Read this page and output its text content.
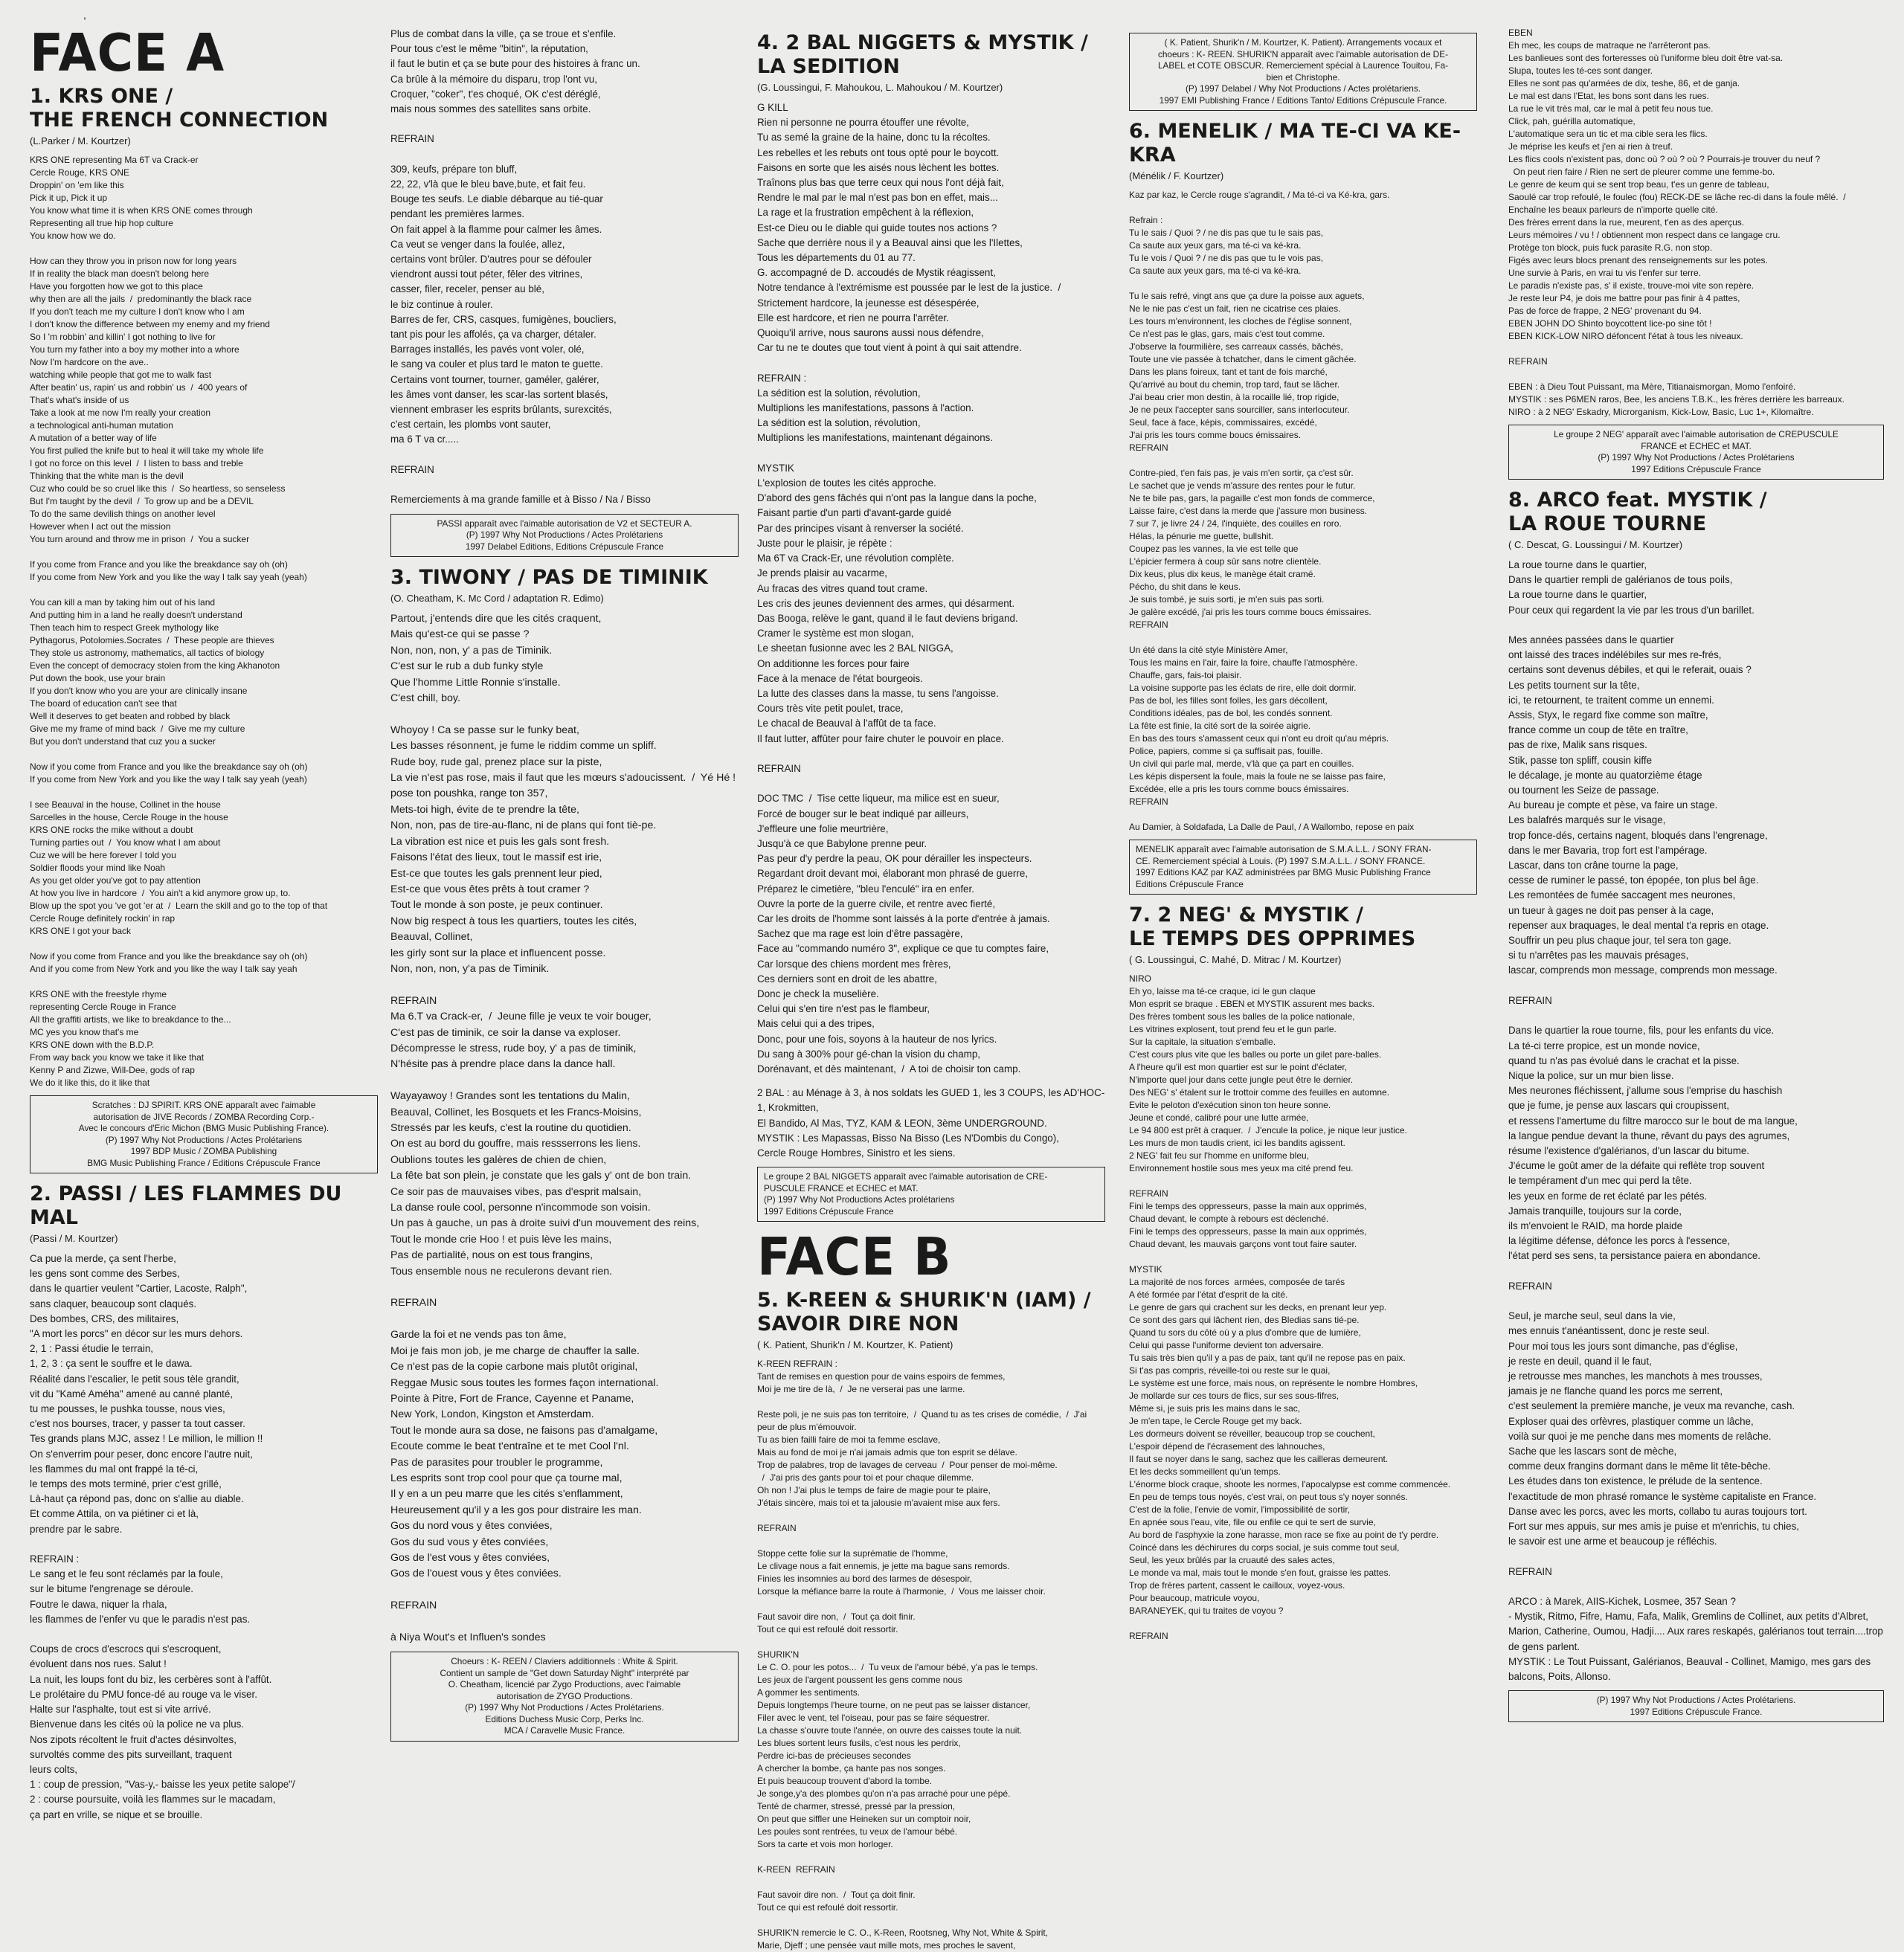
,
FACE A
1. KRS ONE /
THE FRENCH CONNECTION
(L.Parker / M. Kourtzer)
KRS ONE representing Ma 6T va Crack-er
Cercle Rouge, KRS ONE
Droppin' on 'em like this
Pick it up, Pick it up
You know what time it is when KRS ONE comes through
Representing all true hip hop culture
You know how we do.

How can they throw you in prison now for long years
If in reality the black man doesn't belong here
Have you forgotten how we got to this place
why then are all the jails  /  predominantly the black race
If you don't teach me my culture I don't know who I am
I don't know the difference between my enemy and my friend
So I 'm robbin' and killin' I got nothing to live for
You turn my father into a boy my mother into a whore
Now I'm hardcore on the ave..
watching while people that got me to walk fast
After beatin' us, rapin' us and robbin' us  /  400 years of
That's what's inside of us
Take a look at me now I'm really your creation
a technological anti-human mutation
A mutation of a better way of life
You first pulled the knife but to heal it will take my whole life
I got no force on this level  /  I listen to bass and treble
Thinking that the white man is the devil
Cuz who could be so cruel like this  /  So heartless, so senseless
But I'm taught by the devil  /  To grow up and be a DEVIL
To do the same devilish things on another level
However when I act out the mission
You turn around and throw me in prison  /  You a sucker

If you come from France and you like the breakdance say oh (oh)
If you come from New York and you like the way I talk say yeah (yeah)

You can kill a man by taking him out of his land
And putting him in a land he really doesn't understand
Then teach him to respect Greek mythology like
Pythagorus, Potolomies.Socrates  /  These people are thieves
They stole us astronomy, mathematics, all tactics of biology
Even the concept of democracy stolen from the king Akhanoton
Put down the book, use your brain
If you don't know who you are your are clinically insane
The board of education can't see that
Well it deserves to get beaten and robbed by black
Give me my frame of mind back  /  Give me my culture
But you don't understand that cuz you a sucker

Now if you come from France and you like the breakdance say oh (oh)
If you come from New York and you like the way I talk say yeah (yeah)

I see Beauval in the house, Collinet in the house
Sarcelles in the house, Cercle Rouge in the house
KRS ONE rocks the mike without a doubt
Turning parties out  /  You know what I am about
Cuz we will be here forever I told you
Soldier floods your mind like Noah
As you get older you've got to pay attention
At how you live in hardcore  /  You ain't a kid anymore grow up, to.
Blow up the spot you 've got 'er at  /  Learn the skill and go to the top of that
Cercle Rouge definitely rockin' in rap
KRS ONE I got your back

Now if you come from France and you like the breakdance say oh (oh)
And if you come from New York and you like the way I talk say yeah

KRS ONE with the freestyle rhyme
representing Cercle Rouge in France
All the graffiti artists, we like to breakdance to the...
MC yes you know that's me
KRS ONE down with the B.D.P.
From way back you know we take it like that
Kenny P and Zizwe, Will-Dee, gods of rap
We do it like this, do it like that
Scratches : DJ SPIRIT. KRS ONE apparaît avec l'aimable
autorisation de JIVE Records / ZOMBA Recording Corp.-
Avec le concours d'Eric Michon (BMG Music Publishing France).
(P) 1997 Why Not Productions / Actes Prolétariens
1997 BDP Music / ZOMBA Publishing
BMG Music Publishing France / Editions Crépuscule France
2. PASSI / LES FLAMMES DU MAL
(Passi / M. Kourtzer)
Ca pue la merde, ça sent l'herbe,
les gens sont comme des Serbes,
dans le quartier veulent "Cartier, Lacoste, Ralph",
sans claquer, beaucoup sont claqués.
Des bombes, CRS, des militaires,
"A mort les porcs" en décor sur les murs dehors.
2, 1 : Passi étudie le terrain,
1, 2, 3 : ça sent le souffre et le dawa.
Réalité dans l'escalier, le petit sous tèle grandit,
vit du "Kamé Améha" amené au canné planté,
tu me pousses, le pushka tousse, nous vies,
c'est nos bourses, tracer, y passer ta tout casser.
Tes grands plans MJC, assez ! Le million, le million !!
On s'enverrim pour peser, donc encore l'autre nuit,
les flammes du mal ont frappé la té-ci,
le temps des mots terminé, prier c'est grillé,
Là-haut ça répond pas, donc on s'allie au diable.
Et comme Attila, on va piétiner ci et là,
prendre par le sabre.

REFRAIN :
Le sang et le feu sont réclamés par la foule,
sur le bitume l'engrenage se déroule.
Foutre le dawa, niquer la rhala,
les flammes de l'enfer vu que le paradis n'est pas.

Coups de crocs d'escrocs qui s'escroquent,
évoluent dans nos rues. Salut !
La nuit, les loups font du biz, les cerbères sont à l'affût.
Le prolétaire du PMU fonce-dé au rouge va le viser.
Halte sur l'asphalte, tout est si vite arrivé.
Bienvenue dans les cités où la police ne va plus.
Nos zipots récoltent le fruit d'actes désinvoltes,
survoltés comme des pits surveillant, traquent
leurs colts,
1 : coup de pression, "Vas-y,- baisse les yeux petite salope"/
2 : course poursuite, voilà les flammes sur le macadam,
ça part en vrille, se nique et se brouille.
Plus de combat dans la ville, ça se troue et s'enfile.
Pour tous c'est le même "bitin", la réputation,
il faut le butin et ça se bute pour des histoires à franc un.
Ca brûle à la mémoire du disparu, trop l'ont vu,
Croquer, "coker", t'es choqué, OK c'est déréglé,
mais nous sommes des satellites sans orbite.

REFRAIN

309, keufs, prépare ton bluff,
22, 22, v'là que le bleu bave,bute, et fait feu.
Bouge tes seufs. Le diable débarque au tié-quar
pendant les premières larmes.
On fait appel à la flamme pour calmer les âmes.
Ca veut se venger dans la foulée, allez,
certains vont brûler. D'autres pour se défouler
viendront aussi tout péter, fêler des vitrines,
casser, filer, receler, penser au blé,
le biz continue à rouler.
Barres de fer, CRS, casques, fumigènes, boucliers,
tant pis pour les affolés, ça va charger, détaler.
Barrages installés, les pavés vont voler, olé,
le sang va couler et plus tard le maton te guette.
Certains vont tourner, tourner, gaméler, galérer,
les âmes vont danser, les scar-las sortent blasés,
viennent embraser les esprits brûlants, surexcités,
c'est certain, les plombs vont sauter,
ma 6 T va cr.....

REFRAIN

Remerciements à ma grande famille et à Bisso / Na / Bisso
PASSI apparaît avec l'aimable autorisation de V2 et SECTEUR A.
(P) 1997 Why Not Productions / Actes Prolétariens
1997 Delabel Editions, Editions Crépuscule France
3. TIWONY / PAS DE TIMINIK
(O. Cheatham, K. Mc Cord / adaptation R. Edimo)
Partout, j'entends dire que les cités craquent,
Mais qu'est-ce qui se passe ?
Non, non, non, y' a pas de Timinik.
C'est sur le rub a dub funky style
Que l'homme Little Ronnie s'installe.
C'est chill, boy.

Whoyoy ! Ca se passe sur le funky beat,
Les basses résonnent, je fume le riddim comme un spliff.
Rude boy, rude gal, prenez place sur la piste,
La vie n'est pas rose, mais il faut que les mœurs s'adoucissent.  /  Yé Hé ! pose ton poushka, range ton 357,
Mets-toi high, évite de te prendre la tête,
Non, non, pas de tire-au-flanc, ni de plans qui font tiè-pe.
La vibration est nice et puis les gals sont fresh.
Faisons l'état des lieux, tout le massif est irie,
Est-ce que toutes les gals prennent leur pied,
Est-ce que vous êtes prêts à tout cramer ?
Tout le monde à son poste, je peux continuer.
Now big respect à tous les quartiers, toutes les cités,
Beauval, Collinet,
les girly sont sur la place et influencent posse.
Non, non, non, y'a pas de Timinik.

REFRAIN
Ma 6.T va Crack-er,  /  Jeune fille je veux te voir bouger,
C'est pas de timinik, ce soir la danse va exploser.
Décompresse le stress, rude boy, y' a pas de timinik,
N'hésite pas à prendre place dans la dance hall.

Wayayawoy ! Grandes sont les tentations du Malin,
Beauval, Collinet, les Bosquets et les Francs-Moisins,
Stressés par les keufs, c'est la routine du quotidien.
On est au bord du gouffre, mais ressserrons les liens.
Oublions toutes les galères de chien de chien,
La fête bat son plein, je constate que les gals y' ont de bon train.
Ce soir pas de mauvaises vibes, pas d'esprit malsain,
La danse roule cool, personne n'incommode son voisin.
Un pas à gauche, un pas à droite suivi d'un mouvement des reins,
Tout le monde crie Hoo ! et puis lève les mains,
Pas de partialité, nous on est tous frangins,
Tous ensemble nous ne reculerons devant rien.

REFRAIN

Garde la foi et ne vends pas ton âme,
Moi je fais mon job, je me charge de chauffer la salle.
Ce n'est pas de la copie carbone mais plutôt original,
Reggae Music sous toutes les formes façon international.
Pointe à Pitre, Fort de France, Cayenne et Paname,
New York, London, Kingston et Amsterdam.
Tout le monde aura sa dose, ne faisons pas d'amalgame,
Ecoute comme le beat t'entraîne et te met Cool l'nl.
Pas de parasites pour troubler le programme,
Les esprits sont trop cool pour que ça tourne mal,
Il y en a un peu marre que les cités s'enflamment,
Heureusement qu'il y a les gos pour distraire les man.
Gos du nord vous y êtes conviées,
Gos du sud vous y êtes conviées,
Gos de l'est vous y êtes conviées,
Gos de l'ouest vous y êtes conviées.

REFRAIN

à Niya Wout's et Influen's sondes
Choeurs : K- REEN / Claviers additionnels : White & Spirit.
Contient un sample de "Get down Saturday Night" interprété par
O. Cheatham, licencié par Zygo Productions, avec l'aimable
autorisation de ZYGO Productions.
(P) 1997 Why Not Productions / Actes Prolétariens.
Editions Duchess Music Corp, Perks Inc.
MCA / Caravelle Music France.
4. 2 BAL NIGGETS & MYSTIK /
LA SEDITION
(G. Loussingui, F. Mahoukou, L. Mahoukou / M. Kourtzer)
G KILL
Rien ni personne ne pourra étouffer une révolte,
Tu as semé la graine de la haine, donc tu la récoltes.
Les rebelles et les rebuts ont tous opté pour le boycott.
Faisons en sorte que les aisés nous lèchent les bottes.
Traînons plus bas que terre ceux qui nous l'ont déjà fait,
Rendre le mal par le mal n'est pas bon en effet, mais...
La rage et la frustration empêchent à la réflexion,
Est-ce Dieu ou le diable qui guide toutes nos actions ?
Sache que derrière nous il y a Beauval ainsi que les l'Ilettes,
Tous les départements du 01 au 77.
G. accompagné de D. accoudés de Mystik réagissent,
Notre tendance à l'extrémisme est poussée par le lest de la justice.  /  Strictement hardcore, la jeunesse est désespérée,
Elle est hardcore, et rien ne pourra l'arrêter.
Quoiqu'il arrive, nous saurons aussi nous défendre,
Car tu ne te doutes que tout vient à point à qui sait attendre.

REFRAIN :
La sédition est la solution, révolution,
Multiplions les manifestations, passons à l'action.
La sédition est la solution, révolution,
Multiplions les manifestations, maintenant dégainons.

MYSTIK
L'explosion de toutes les cités approche.
D'abord des gens fâchés qui n'ont pas la langue dans la poche,
Faisant partie d'un parti d'avant-garde guidé
Par des principes visant à renverser la société.
Juste pour le plaisir, je répète :
Ma 6T va Crack-Er, une révolution complète.
Je prends plaisir au vacarme,
Au fracas des vitres quand tout crame.
Les cris des jeunes deviennent des armes, qui désarment.
Das Booga, relève le gant, quand il le faut deviens brigand.
Cramer le système est mon slogan,
Le sheetan fusionne avec les 2 BAL NIGGA,
On additionne les forces pour faire
Face à la menace de l'état bourgeois.
La lutte des classes dans la masse, tu sens l'angoisse.
Cours très vite petit poulet, trace,
Le chacal de Beauval à l'affût de ta face.
Il faut lutter, affûter pour faire chuter le pouvoir en place.

REFRAIN

DOC TMC  /  Tise cette liqueur, ma milice est en sueur,
Forcé de bouger sur le beat indiqué par ailleurs,
J'effleure une folie meurtrière,
Jusqu'à ce que Babylone prenne peur.
Pas peur d'y perdre la peau, OK pour dérailler les inspecteurs.
Regardant droit devant moi, élaborant mon phrasé de guerre,
Préparez le cimetière, "bleu l'enculé" ira en enfer.
Ouvre la porte de la guerre civile, et rentre avec fierté,
Car les droits de l'homme sont laissés à la porte d'entrée à jamais.
Sachez que ma rage est loin d'être passagère,
Face au "commando numéro 3", explique ce que tu comptes faire,
Car lorsque des chiens mordent mes frères,
Ces derniers sont en droit de les abattre,
Donc je check la muselière.
Celui qui s'en tire n'est pas le flambeur,
Mais celui qui a des tripes,
Donc, pour une fois, soyons à la hauteur de nos lyrics.
Du sang à 300% pour gé-chan la vision du champ,
Dorénavant, et dès maintenant,  /  A toi de choisir ton camp.
2 BAL : au Ménage à 3, à nos soldats les GUED 1, les 3 COUPS, les AD'HOC-1, Krokmitten,
El Bandido, Al Mas, TYZ, KAM & LEON, 3ème UNDERGROUND.
MYSTIK : Les Mapassas, Bisso Na Bisso (Les N'Dombis du Congo),
Cercle Rouge Hombres, Sinistro et les siens.
Le groupe 2 BAL NIGGETS apparaît avec l'aimable autorisation de CRE-
PUSCULE FRANCE et ECHEC et MAT.
(P) 1997 Why Not Productions Actes prolétariens
1997 Editions Crépuscule France
FACE B
5. K-REEN & SHURIK'N (IAM) /
SAVOIR DIRE NON
( K. Patient, Shurik'n / M. Kourtzer, K. Patient)
K-REEN REFRAIN :
Tant de remises en question pour de vains espoirs de femmes,
Moi je me tire de là,  /  Je ne verserai pas une larme.

Reste poli, je ne suis pas ton territoire,  /  Quand tu as tes crises de comédie,  /  J'ai peur de plus m'émouvoir.
Tu as bien failli faire de moi ta femme esclave,
Mais au fond de moi je n'ai jamais admis que ton esprit se délave.
Trop de palabres, trop de lavages de cerveau  /  Pour penser de moi-même.
/  J'ai pris des gants pour toi et pour chaque dilemme.
Oh non ! J'ai plus le temps de faire de magie pour te plaire,
J'étais sincère, mais toi et ta jalousie m'avaient mise aux fers.

REFRAIN

Stoppe cette folie sur la suprématie de l'homme,
Le clivage nous a fait ennemis, je jette ma bague sans remords.
Finies les insomnies au bord des larmes de désespoir,
Lorsque la méfiance barre la route à l'harmonie,  /  Vous me laisser choir.

Faut savoir dire non,  /  Tout ça doit finir.
Tout ce qui est refoulé doit ressortir.

SHURIK'N
Le C. O. pour les potos...  /  Tu veux de l'amour bébé, y'a pas le temps.
Les jeux de l'argent poussent les gens comme nous
A gommer les sentiments.
Depuis longtemps l'heure tourne, on ne peut pas se laisser distancer,
Filer avec le vent, tel l'oiseau, pour pas se faire séquestrer.
La chasse s'ouvre toute l'année, on ouvre des caisses toute la nuit.
Les blues sortent leurs fusils, c'est nous les perdrix,
Perdre ici-bas de précieuses secondes
A chercher la bombe, ça hante pas nos songes.
Et puis beaucoup trouvent d'abord la tombe.
Je songe,y'a des plombes qu'on n'a pas arraché pour une pépé.
Tenté de charmer, stressé, pressé par la pression,
On peut que siffler une Heineken sur un comptoir noir,
Les poules sont rentrées, tu veux de l'amour bébé.
Sors ta carte et vois mon horloger.

K-REEN  REFRAIN

Faut savoir dire non.  /  Tout ça doit finir.
Tout ce qui est refoulé doit ressortir.

SHURIK'N remercie le C. O., K-Reen, Rootsneg, Why Not, White & Spirit,
Marie, Djeff ; une pensée vaut mille mots, mes proches le savent,
( K. Patient, Shurik'n / M. Kourtzer, K. Patient). Arrangements vocaux et
choeurs : K- REEN. SHURIK'N apparaît avec l'aimable autorisation de DE-
LABEL et COTE OBSCUR. Remerciement spécial à Laurence Touitou, Fa-
bien et Christophe.
(P) 1997 Delabel / Why Not Productions / Actes prolétariens.
1997 EMI Publishing France / Editions Tanto/ Editions Crépuscule France.
6. MENELIK / MA TE-CI VA KE-KRA
(Ménélik / F. Kourtzer)
Kaz par kaz, le Cercle rouge s'agrandit, / Ma té-ci va Ké-kra, gars.

Refrain :
Tu le sais / Quoi ? / ne dis pas que tu le sais pas,
Ca saute aux yeux gars, ma té-ci va ké-kra.
Tu le vois / Quoi ? / ne dis pas que tu le vois pas,
Ca saute aux yeux gars, ma té-ci va ké-kra.

Tu le sais refré, vingt ans que ça dure la poisse aux aguets,
Ne le nie pas c'est un fait, rien ne cicatrise ces plaies.
Les tours m'environnent, les cloches de l'église sonnent,
Ce n'est pas le glas, gars, mais c'est tout comme.
J'observe la fourmilière, ses carreaux cassés, bâchés,
Toute une vie passée à tchatcher, dans le ciment gâchée.
Dans les plans foireux, tant et tant de fois marché,
Qu'arrivé au bout du chemin, trop tard, faut se lâcher.
J'ai beau crier mon destin, à la rocaille lié, trop rigide,
Je ne peux l'accepter sans sourciller, sans interlocuteur.
Seul, face à face, képis, commissaires, excédé,
J'ai pris les tours comme boucs émissaires.
REFRAIN

Contre-pied, t'en fais pas, je vais m'en sortir, ça c'est sûr.
Le sachet que je vends m'assure des rentes pour le futur.
Ne te bile pas, gars, la pagaille c'est mon fonds de commerce,
Laisse faire, c'est dans la merde que j'assure mon business.
7 sur 7, je livre 24 / 24, l'inquiète, des couilles en roro.
Hélas, la pénurie me guette, bullshit.
Coupez pas les vannes, la vie est telle que
L'épicier fermera à coup sûr sans notre clientèle.
Dix keus, plus dix keus, le manège était cramé.
Pécho, du shit dans le keus.
Je suis tombé, je suis sorti, je m'en suis pas sorti.
Je galère excédé, j'ai pris les tours comme boucs émissaires.
REFRAIN

Un été dans la cité style Ministère Amer,
Tous les mains en l'air, faire la foire, chauffe l'atmosphère.
Chauffe, gars, fais-toi plaisir.
La voisine supporte pas les éclats de rire, elle doit dormir.
Pas de bol, les filles sont folles, les gars décollent,
Conditions idéales, pas de bol, les condés sonnent.
La fête est finie, la cité sort de la soirée aigrie.
En bas des tours s'amassent ceux qui n'ont eu droit qu'au mépris.
Police, papiers, comme si ça suffisait pas, fouille.
Un civil qui parle mal, merde, v'là que ça part en couilles.
Les képis dispersent la foule, mais la foule ne se laisse pas faire,
Excédée, elle a pris les tours comme boucs émissaires.
REFRAIN

Au Damier, à Soldafada, La Dalle de Paul, / A Wallombo, repose en paix
MENELIK apparaît avec l'aimable autorisation de S.M.A.L.L. / SONY FRAN-
CE. Remerciement spécial à Louis. (P) 1997 S.M.A.L.L. / SONY FRANCE.
1997 Editions KAZ par KAZ administrées par BMG Music Publishing France
Editions Crépuscule France
7. 2 NEG' & MYSTIK /
LE TEMPS DES OPPRIMES
( G. Loussingui, C. Mahé, D. Mitrac / M. Kourtzer)
NIRO
Eh yo, laisse ma té-ce craque, ici le gun claque
Mon esprit se braque . EBEN et MYSTIK assurent mes backs.
Des frères tombent sous les balles de la police nationale,
Les vitrines explosent, tout prend feu et le gun parle.
Sur la capitale, la situation s'emballe.
C'est cours plus vite que les balles ou porte un gilet pare-balles.
A l'heure qu'il est mon quartier est sur le point d'éclater,
N'importe quel jour dans cette jungle peut être le dernier.
Des NEG' s' étalent sur le trottoir comme des feuilles en automne.
Evite le peloton d'exécution sinon ton heure sonne.
Jeune et condé, calibré pour une lutte armée,
Le 94 800 est prêt à craquer.  /  J'encule la police, je nique leur justice.
Les murs de mon taudis crient, ici les bandits agissent.
2 NEG' fait feu sur l'homme en uniforme bleu,
Environnement hostile sous mes yeux ma cité prend feu.

REFRAIN
Fini le temps des oppresseurs, passe la main aux opprimés,
Chaud devant, le compte à rebours est déclenché.
Fini le temps des oppresseurs, passe la main aux opprimés,
Chaud devant, les mauvais garçons vont tout faire sauter.

MYSTIK
La majorité de nos forces  armées, composée de tarés
A été formée par l'état d'esprit de la cité.
Le genre de gars qui crachent sur les decks, en prenant leur yep.
Ce sont des gars qui lâchent rien, des Bledias sans tié-pe.
Quand tu sors du côté où y a plus d'ombre que de lumière,
Celui qui passe l'uniforme devient ton adversaire.
Tu sais très bien qu'il y a pas de paix, tant qu'il ne repose pas en paix.
Si t'as pas compris, réveille-toi ou reste sur le quai,
Le système est une force, mais nous, on représente le nombre Hombres,
Je mollarde sur ces tours de flics, sur ses sous-fifres,
Même si, je suis pris les mains dans le sac,
Je m'en tape, le Cercle Rouge get my back.
Les dormeurs doivent se réveiller, beaucoup trop se couchent,
L'espoir dépend de l'écrasement des lahnouches,
Il faut se noyer dans le sang, sachez que les cailleras demeurent.
Et les decks sommeillent qu'un temps.
L'énorme block craque, shoote les normes, l'apocalypse est comme commencée.
En peu de temps tous noyés, c'est vrai, on peut tous s'y noyer sonnés.
C'est de la folie, l'envie de vomir, l'impossibilité de sortir,
En apnée sous l'eau, vite, file ou enfile ce qui te sert de survie,
Au bord de l'asphyxie la zone harasse, mon race se fixe au point de t'y perdre.
Coincé dans les déchirures du corps social, je suis comme tout seul,
Seul, les yeux brûlés par la cruauté des sales actes,
Le monde va mal, mais tout le monde s'en fout, graisse les pattes.
Trop de frères partent, cassent le cailloux, voyez-vous.
Pour beaucoup, matricule voyou,
BARANEYEK, qui tu traites de voyou ?

REFRAIN
EBEN
Eh mec, les coups de matraque ne l'arrêteront pas.
Les banlieues sont des forteresses où l'uniforme bleu doit être vat-sa.
Slupa, toutes les té-ces sont danger.
Elles ne sont pas qu'armées de dix, teshe, 86, et de ganja.
Le mal est dans l'Etat, les bons sont dans les rues.
La rue le vit très mal, car le mal à petit feu nous tue.
Click, pah, guérilla automatique,
L'automatique sera un tic et ma cible sera les flics.
Je méprise les keufs et j'en ai rien à treuf.
Les flics cools n'existent pas, donc où ? où ? où ? Pourrais-je trouver du neuf ?
On peut rien faire / Rien ne sert de pleurer comme une femme-bo.
Le genre de keum qui se sent trop beau, t'es un genre de tableau,
Saoulé car trop refoulé, le foulec (fou) RECK-DE se lâche rec-di dans la foule mêlé.  /  Enchaîne les beaux parleurs de n'importe quelle cité.
Des frères errent dans la rue, meurent, t'en as des aperçus.
Leurs mémoires / vu ! / obtiennent mon respect dans ce langage cru.
Protège ton block, puis fuck parasite R.G. non stop.
Figés avec leurs blocs prenant des renseignements sur les potes.
Une survie à Paris, en vrai tu vis l'enfer sur terre.
Le paradis n'existe pas, s' il existe, trouve-moi vite son repère.
Je reste leur P4, je dois me battre pour pas finir à 4 pattes,
Pas de force de frappe, 2 NEG' provenant du 94.
EBEN JOHN DO Shinto boycottent lice-po sine tôt !
EBEN KICK-LOW NIRO défoncent l'état à tous les niveaux.

REFRAIN

EBEN : à Dieu Tout Puissant, ma Mère, Titianaismorgan, Momo l'enfoiré.
MYSTIK : ses P6MEN raros, Bee, les anciens T.B.K., les frères derrière les barreaux.
NIRO : à 2 NEG' Eskadry, Microrganism, Kick-Low, Basic, Luc 1+, Kilomaître.
Le groupe 2 NEG' apparaît avec l'aimable autorisation de CREPUSCULE
FRANCE et ECHEC et MAT.
(P) 1997 Why Not Productions / Actes Prolétariens
1997 Editions Crépuscule France
8. ARCO feat. MYSTIK /
LA ROUE TOURNE
( C. Descat, G. Loussingui / M. Kourtzer)
La roue tourne dans le quartier,
Dans le quartier rempli de galérianos de tous poils,
La roue tourne dans le quartier,
Pour ceux qui regardent la vie par les trous d'un barillet.

Mes années passées dans le quartier
ont laissé des traces indélébiles sur mes re-frés,
certains sont devenus débiles, et qui le referait, ouais ?
Les petits tournent sur la tête,
ici, te retournent, te traitent comme un ennemi.
Assis, Styx, le regard fixe comme son maître,
france comme un coup de tête en traître,
pas de rixe, Malik sans risques.
Stik, passe ton spliff, cousin kiffe
le décalage, je monte au quatorzième étage
ou tournent les Seize de passage.
Au bureau je compte et pèse, va faire un stage.
Les balafrés marqués sur le visage,
trop fonce-dés, certains nagent, bloqués dans l'engrenage,
dans le mer Bavaria, trop fort est l'ampérage.
Lascar, dans ton crâne tourne la page,
cesse de ruminer le passé, ton épopée, ton plus bel âge.
Les remontées de fumée saccagent mes neurones,
un tueur à gages ne doit pas penser à la cage,
repenser aux braquages, le deal mental t'a repris en otage.
Souffrir un peu plus chaque jour, tel sera ton gage.
si tu n'arrêtes pas les mauvais présages,
lascar, comprends mon message, comprends mon message.

REFRAIN

Dans le quartier la roue tourne, fils, pour les enfants du vice.
La té-ci terre propice, est un monde novice,
quand tu n'as pas évolué dans le crachat et la pisse.
Nique la police, sur un mur bien lisse.
Mes neurones fléchissent, j'allume sous l'emprise du haschish
que je fume, je pense aux lascars qui croupissent,
et ressens l'amertume du filtre marocco sur le bout de ma langue,
la langue pendue devant la thune, rêvant du pays des agrumes,
résume l'existence d'galérianos, d'un lascar du bitume.
J'écume le goût amer de la défaite qui reflète trop souvent
le tempérament d'un mec qui perd la tête.
les yeux en forme de ret éclaté par les pétés.
Jamais tranquille, toujours sur la corde,
ils m'envoient le RAID, ma horde plaide
la légitime défense, défonce les porcs à l'essence,
l'état perd ses sens, ta persistance paiera en abondance.

REFRAIN

Seul, je marche seul, seul dans la vie,
mes ennuis t'anéantissent, donc je reste seul.
Pour moi tous les jours sont dimanche, pas d'église,
je reste en deuil, quand il le faut,
je retrousse mes manches, les manchots à mes trousses,
jamais je ne flanche quand les porcs me serrent,
c'est seulement la première manche, je veux ma revanche, cash.
Exploser quai des orfèvres, plastiquer comme un lâche,
voilà sur quoi je me penche dans mes moments de relâche.
Sache que les lascars sont de mèche,
comme deux frangins dormant dans le même lit tête-bêche.
Les études dans ton existence, le prélude de la sentence.
l'exactitude de mon phrasé romance le système capitaliste en France.
Danse avec les porcs, avec les morts, collabo tu auras toujours tort.
Fort sur mes appuis, sur mes amis je puise et m'enrichis, tu chies,
le savoir est une arme et beaucoup je réfléchis.

REFRAIN

ARCO : à Marek, AIIS-Kichek, Losmee, 357 Sean ?
- Mystik, Ritmo, Fifre, Hamu, Fafa, Malik, Gremlins de Collinet, aux petits d'Albret, Marion, Catherine, Oumou, Hadji.... Aux rares reskapés, galérianos tout terrain....trop de gens parlent.
MYSTIK : Le Tout Puissant, Galérianos, Beauval - Collinet, Mamigo, mes gars des balcons, Poits, Allonso.
(P) 1997 Why Not Productions / Actes Prolétariens.
1997 Editions Crépuscule France.
